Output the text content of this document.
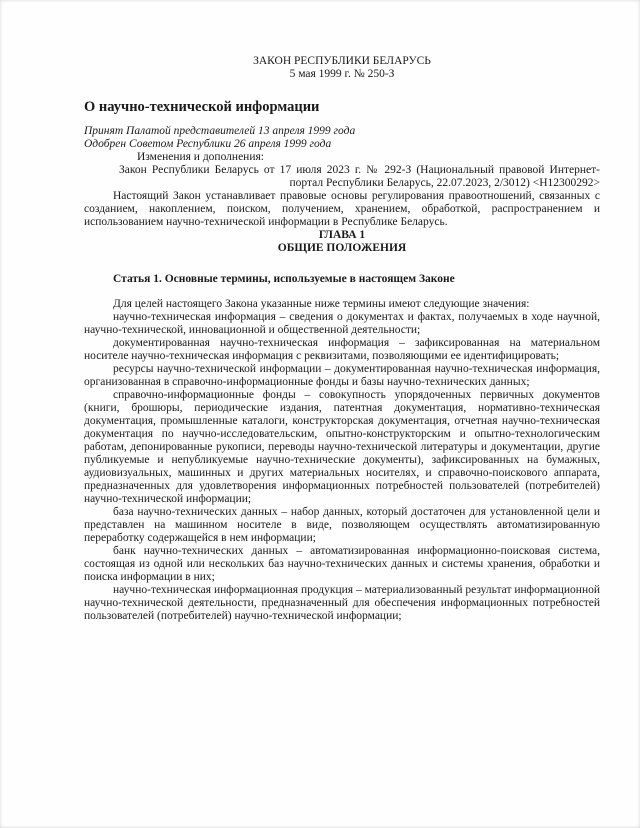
ЗАКОН РЕСПУБЛИКИ БЕЛАРУСЬ
5 мая 1999 г. № 250-З
О научно-технической информации
Принят Палатой представителей 13 апреля 1999 года
Одобрен Советом Республики 26 апреля 1999 года
Изменения и дополнения:

Закон Республики Беларусь от 17 июля 2023 г. № 292-З (Национальный правовой Интернет-портал Республики Беларусь, 22.07.2023, 2/3012) <H12300292>

Настоящий Закон устанавливает правовые основы регулирования правоотношений, связанных с созданием, накоплением, поиском, получением, хранением, обработкой, распространением и использованием научно-технической информации в Республике Беларусь.

ГЛАВА 1
ОБЩИЕ ПОЛОЖЕНИЯ
Статья 1. Основные термины, используемые в настоящем Законе

Для целей настоящего Закона указанные ниже термины имеют следующие значения:

научно-техническая информация – сведения о документах и фактах, получаемых в ходе научной, научно-технической, инновационной и общественной деятельности;

документированная научно-техническая информация – зафиксированная на материальном носителе научно-техническая информация с реквизитами, позволяющими ее идентифицировать;

ресурсы научно-технической информации – документированная научно-техническая информация, организованная в справочно-информационные фонды и базы научно-технических данных;

справочно-информационные фонды – совокупность упорядоченных первичных документов (книги, брошюры, периодические издания, патентная документация, нормативно-техническая документация, промышленные каталоги, конструкторская документация, отчетная научно-техническая документация по научно-исследовательским, опытно-конструкторским и опытно-технологическим работам, депонированные рукописи, переводы научно-технической литературы и документации, другие публикуемые и непубликуемые научно-технические документы), зафиксированных на бумажных, аудиовизуальных, машинных и других материальных носителях, и справочно-поискового аппарата, предназначенных для удовлетворения информационных потребностей пользователей (потребителей) научно-технической информации;

база научно-технических данных – набор данных, который достаточен для установленной цели и представлен на машинном носителе в виде, позволяющем осуществлять автоматизированную переработку содержащейся в нем информации;

банк научно-технических данных – автоматизированная информационно-поисковая система, состоящая из одной или нескольких баз научно-технических данных и системы хранения, обработки и поиска информации в них;

научно-техническая информационная продукция – материализованный результат информационной научно-технической деятельности, предназначенный для обеспечения информационных потребностей пользователей (потребителей) научно-технической информации;
